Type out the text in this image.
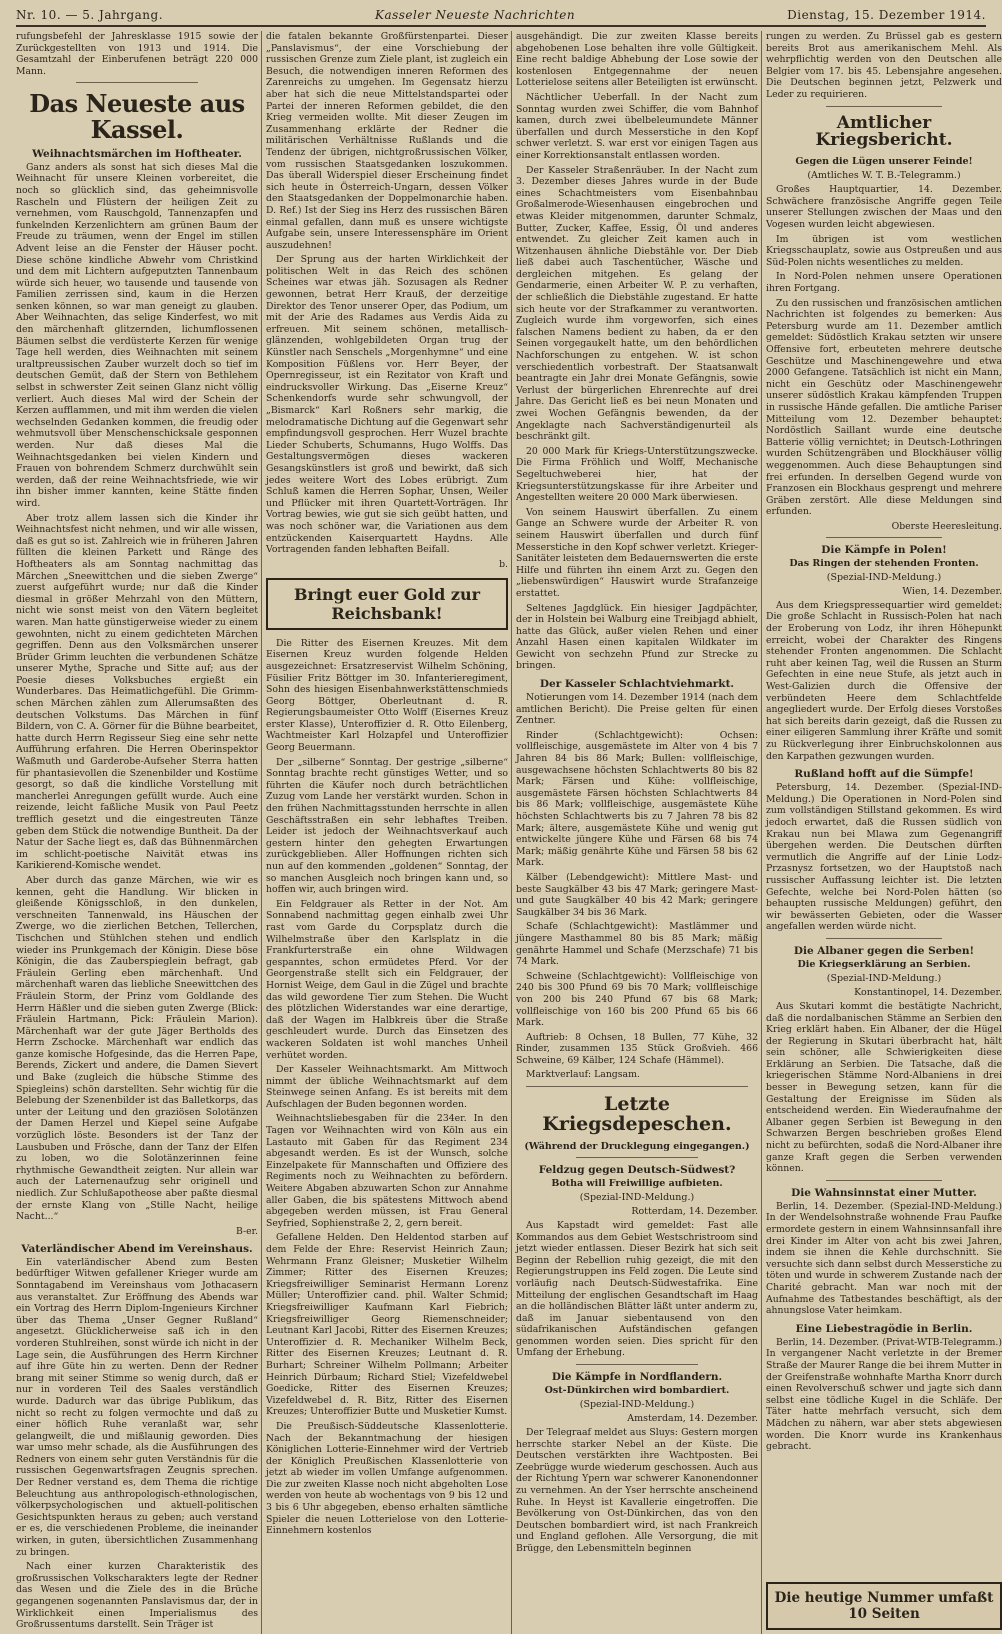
Nr. 10. — 5. Jahrgang.	Kasseler Neueste Nachrichten	Dienstag, 15. Dezember 1914.

rufungsbefehl der Jahresklasse 1915 sowie der Zurückgestellten von 1913 und 1914. Die Gesamtzahl der Einberufenen beträgt 220 000 Mann.

Das Neueste aus Kassel.
Weihnachtsmärchen im Hoftheater.

Ganz anders als sonst hat sich dieses Mal die Weihnacht für unsere Kleinen vorbereitet, die noch so glücklich sind, das geheimnisvolle Rascheln und Flüstern der heiligen Zeit zu vernehmen, vom Rauschgold, Tannenzapfen und funkelnden Kerzenlichtern am grünen Baum der Freude zu träumen, wenn der Engel im stillen Advent leise an die Fenster der Häuser pocht. Diese schöne kindliche Abwehr vom Christkind und dem mit Lichtern aufgeputzten Tannenbaum würde sich heuer, wo tausende und tausende von Familien zerrissen sind, kaum in die Herzen senken können, so war man geneigt zu glauben. Aber Weihnachten, das selige Kinderfest, wo mit den märchenhaft glitzernden, lichumflossenen Bäumen selbst die verdüsterte Kerzen für wenige Tage hell werden, dies Weihnachten mit seinem uraltpreussischen Zauber wurzelt doch so tief im deutschen Gemüt, daß der Stern von Bethlehem selbst in schwerster Zeit seinen Glanz nicht völlig verliert. Auch dieses Mal wird der Schein der Kerzen aufflammen, und mit ihm werden die vielen wechselnden Gedanken kommen, die freudig oder wehmutsvoll über Menschenschicksale gesponnen werden. Nur daß dieses Mal die Weihnachtsgedanken bei vielen Kindern und Frauen von bohrendem Schmerz durchwühlt sein werden, daß der reine Weihnachtsfriede, wie wir ihn bisher immer kannten, keine Stätte finden wird.

Aber trotz allem lassen sich die Kinder ihr Weihnachtsfest nicht nehmen, und wir alle wissen, daß es gut so ist. Zahlreich wie in früheren Jahren füllten die kleinen Parkett und Ränge des Hoftheaters als am Sonntag nachmittag das Märchen „Sneewittchen und die sieben Zwerge“ zuerst aufgeführt wurde; nur daß die Kinder diesmal in größer Mehrzahl von den Müttern, nicht wie sonst meist von den Vätern begleitet waren. Man hatte günstigerweise wieder zu einem gewohnten, nicht zu einem gedichteten Märchen gegriffen. Denn aus den Volksmärchen unserer Brüder Grimm leuchten die verbundenen Schätze unserer Mythe, Sprache und Sitte auf; aus der Poesie dieses Volksbuches ergießt ein Wunderbares. Das Heimatlichgefühl. Die Grimmschen Märchen zählen zum Allerumsaßten des deutschen Volkstums. Das Märchen in fünf Bildern, von C. A. Görner für die Bühne bearbeitet, hatte durch Herrn Regisseur Sieg eine sehr nette Aufführung erfahren. Die Herren Oberinspektor Waßmuth und Garderobe-Aufseher Sterra hatten für phantasievollen die Szenenbilder und Kostüme gesorgt, so daß die kindliche Vorstellung mit mancherlei Anregungen gefüllt wurde. Auch eine reizende, leicht faßliche Musik von Paul Peetz trefflich gesetzt und die eingestreuten Tänze geben dem Stück die notwendige Buntheit. Da der Natur der Sache liegt es, daß das Bühnenmärchen im schlicht-poetische Naivität etwas ins Karikierend-Komische wendet.

Aber durch das ganze Märchen, wie wir es kennen, geht die Handlung. Wir blicken in gleißende Königsschloß, in den dunkelen, verschneiten Tannenwald, ins Häuschen der Zwerge, wo die zierlichen Betchen, Tellerchen, Tischchen und Stühlchen stehen und endlich wieder ins Prunkgemach der Königin. Diese böse Königin, die das Zauberspieglein befragt, gab Fräulein Gerling eben märchenhaft. Und märchenhaft waren das liebliche Sneewittchen des Fräulein Storm, der Prinz vom Goldlande des Herrn Häßler und die sieben guten Zwerge (Blick: Fräulein Hartmann, Pick: Fräulein Marion). Märchenhaft war der gute Jäger Bertholds des Herrn Zschocke. Märchenhaft war endlich das ganze komische Hofgesinde, das die Herren Pape, Berends, Zickert und andere, die Damen Sievert und Bake (zugleich die hübsche Stimme des Spiegleins) schön darstellten. Sehr wichtig für die Belebung der Szenenbilder ist das Balletkorps, das unter der Leitung und den graziösen Solotänzen der Damen Herzel und Kiepel seine Aufgabe vorzüglich löste. Besonders ist der Tanz der Lausbuben und Frösche, dann der Tanz der Elfen zu loben, wo die Solotänzerinnen feine rhythmische Gewandtheit zeigten. Nur allein war auch der Laternenaufzug sehr originell und niedlich. Zur Schlußapotheose aber paßte diesmal der ernste Klang von „Stille Nacht, heilige Nacht...“

B-er.
Vaterländischer Abend im Vereinshaus.

Ein vaterländischer Abend zum Besten bedürftiger Witwen gefallener Krieger wurde am Sonntagabend im Vereinshaus vom Jothacasern aus veranstaltet. Zur Eröffnung des Abends war ein Vortrag des Herrn Diplom-Ingenieurs Kirchner über das Thema „Unser Gegner Rußland“ angesetzt. Glücklicherweise saß ich in den vorderen Stuhlreihen, sonst würde ich nicht in der Lage sein, die Ausführungen des Herrn Kirchner auf ihre Güte hin zu werten. Denn der Redner brang mit seiner Stimme so wenig durch, daß er nur in vorderen Teil des Saales verständlich wurde. Dadurch war das übrige Publikum, das nicht so recht zu folgen vermochte und daß zu einer höflich Ruhe veranlaßt war, sehr gelangweilt, die und mißlaunig geworden. Dies war umso mehr schade, als die Ausführungen des Redners von einem sehr guten Verständnis für die russischen Gegenwartsfragen Zeugnis sprechen. Der Redner verstand es, dem Thema die richtige Beleuchtung aus anthropologisch-ethnologischen, völkerpsychologischen und aktuell-politischen Gesichtspunkten heraus zu geben; auch verstand er es, die verschiedenen Probleme, die ineinander wirken, in guten, übersichtlichen Zusammenhang zu bringen.

Nach einer kurzen Charakteristik des großrussischen Volkscharakters legte der Redner das Wesen und die Ziele des in die Brüche gegangenen sogenannten Panslavismus dar, der in Wirklichkeit einen Imperialismus des Großrussentums darstellt. Sein Träger ist

die fatalen bekannte Großfürstenpartei. Dieser „Panslavismus“, der eine Vorschiebung der russischen Grenze zum Ziele plant, ist zugleich ein Besuch, die notwendigen inneren Reformen des Zarenreichs zu umgehen. Im Gegensatz hierzu aber hat sich die neue Mittelstandspartei oder Partei der inneren Reformen gebildet, die den Krieg vermeiden wollte. Mit dieser Zeugen im Zusammenhang erklärte der Redner die militärischen Verhältnisse Rußlands und die Tendenz der übrigen, nichtgroßrussischen Völker, vom russischen Staatsgedanken loszukommen. Das überall Widerspiel dieser Erscheinung findet sich heute in Österreich-Ungarn, dessen Völker den Staatsgedanken der Doppelmonarchie haben. D. Ref.) Ist der Sieg ins Herz des russischen Bären einmal gefallen, dann muß es unsere wichtigste Aufgabe sein, unsere Interessensphäre im Orient auszudehnen!

Der Sprung aus der harten Wirklichkeit der politischen Welt in das Reich des schönen Scheines war etwas jäh. Sozusagen als Redner gewonnen, betrat Herr Krauß, der derzeitige Direktor des Tenor unserer Oper, das Podium, um mit der Arie des Radames aus Verdis Aida zu erfreuen. Mit seinem schönen, metallisch-glänzenden, wohlgebildeten Organ trug der Künstler nach Senschels „Morgenhymne“ und eine Komposition Füßlens vor. Herr Beyer, der Opernregisseur, ist ein Rezitator von Kraft und eindrucksvoller Wirkung. Das „Eiserne Kreuz“ Schenkendorfs wurde sehr schwungvoll, der „Bismarck“ Karl Roßners sehr markig, die melodramatische Dichtung auf die Gegenwart sehr empfindungsvoll gesprochen. Herr Wuzel brachte Lieder Schuberts, Schumanns, Hugo Wolffs. Das Gestaltungsvermögen dieses wackeren Gesangskünstlers ist groß und bewirkt, daß sich jedes weitere Wort des Lobes erübrigt. Zum Schluß kamen die Herren Sophar, Unsen, Weiler und Pflücker mit ihren Quartett-Vorträgen. Ihr Vortrag bewies, wie gut sie sich geübt hatten, und was noch schöner war, die Variationen aus dem entzückenden Kaiserquartett Haydns. Alle Vortragenden fanden lebhaften Beifall.

b.
Bringt euer Gold zur Reichsbank!

Die Ritter des Eisernen Kreuzes. Mit dem Eisernen Kreuz wurden folgende Helden ausgezeichnet: Ersatzreservist Wilhelm Schöning, Füsilier Fritz Böttger im 30. Infanterieregiment, Sohn des hiesigen Eisenbahnwerkstättenschmieds Georg Böttger, Oberleutnant d. R. Regierungsbaumeister Otto Wolff (Eisernes Kreuz erster Klasse), Unteroffizier d. R. Otto Eilenberg, Wachtmeister Karl Holzapfel und Unteroffizier Georg Beuermann.

Der „silberne“ Sonntag. Der gestrige „silberne“ Sonntag brachte recht günstiges Wetter, und so führten die Käufer noch durch beträchtlichen Zuzug vom Lande her verstärkt wurden. Schon in den frühen Nachmittagsstunden herrschte in allen Geschäftsstraßen ein sehr lebhaftes Treiben. Leider ist jedoch der Weihnachtsverkauf auch gestern hinter den gehegten Erwartungen zurückgeblieben. Aller Hoffnungen richten sich nun auf den kommenden „goldenen“ Sonntag, der so manchen Ausgleich noch bringen kann und, so hoffen wir, auch bringen wird.

Ein Feldgrauer als Retter in der Not. Am Sonnabend nachmittag gegen einhalb zwei Uhr rast vom Garde du Corpsplatz durch die Wilhelmstraße über den Karlsplatz in die Frankfurterstraße ein ohne Wildwagen gespanntes, schon ermüdetes Pferd. Vor der Georgenstraße stellt sich ein Feldgrauer, der Hornist Weige, dem Gaul in die Zügel und brachte das wild gewordene Tier zum Stehen. Die Wucht des plötzlichen Widerstandes war eine derartige, daß der Wagen im Halbkreis über die Straße geschleudert wurde. Durch das Einsetzen des wackeren Soldaten ist wohl manches Unheil verhütet worden.

Der Kasseler Weihnachtsmarkt. Am Mittwoch nimmt der übliche Weihnachtsmarkt auf dem Steinwege seinen Anfang. Es ist bereits mit dem Aufschlagen der Buden begonnen worden.

Weihnachtsliebesgaben für die 234er. In den Tagen vor Weihnachten wird von Köln aus ein Lastauto mit Gaben für das Regiment 234 abgesandt werden. Es ist der Wunsch, solche Einzelpakete für Mannschaften und Offiziere des Regiments noch zu Weihnachten zu befördern. Weitere Abgaben abzuwarten Schon zur Annahme aller Gaben, die bis spätestens Mittwoch abend abgegeben werden müssen, ist Frau General Seyfried, Sophienstraße 2, 2, gern bereit.

Gefallene Helden. Den Heldentod starben auf dem Felde der Ehre: Reservist Heinrich Zaun; Wehrmann Franz Gleisner; Musketier Wilhelm Zimmer; Ritter des Eisernen Kreuzes; Kriegsfreiwilliger Seminarist Hermann Lorenz Müller; Unteroffizier cand. phil. Walter Schmid; Kriegsfreiwilliger Kaufmann Karl Fiebrich; Kriegsfreiwilliger Georg Riemenschneider; Leutnant Karl Jacobi, Ritter des Eisernen Kreuzes; Unteroffizier d. R. Mechaniker Wilhelm Beck, Ritter des Eisernen Kreuzes; Leutnant d. R. Burhart; Schreiner Wilhelm Pollmann; Arbeiter Heinrich Dürbaum; Richard Stiel; Vizefeldwebel Goedicke, Ritter des Eisernen Kreuzes; Vizefeldwebel d. R. Bitz, Ritter des Eisernen Kreuzes; Unteroffizier Butte und Musketier Kumst.

Die Preußisch-Süddeutsche Klassenlotterie. Nach der Bekanntmachung der hiesigen Königlichen Lotterie-Einnehmer wird der Vertrieb der Königlich Preußischen Klassenlotterie von jetzt ab wieder im vollen Umfange aufgenommen. Die zur zweiten Klasse noch nicht abgeholten Lose werden von heute ab wochentags von 9 bis 12 und 3 bis 6 Uhr abgegeben, ebenso erhalten sämtliche Spieler die neuen Lotterielose von den Lotterie-Einnehmern kostenlos

ausgehändigt. Die zur zweiten Klasse bereits abgehobenen Lose behalten ihre volle Gültigkeit. Eine recht baldige Abhebung der Lose sowie der kostenlosen Entgegennahme der neuen Lotterielose seitens aller Beteiligten ist erwünscht.

Nächtlicher Ueberfall. In der Nacht zum Sonntag wurden zwei Schiffer, die vom Bahnhof kamen, durch zwei übelbeleumundete Männer überfallen und durch Messerstiche in den Kopf schwer verletzt. S. war erst vor einigen Tagen aus einer Korrektionsanstalt entlassen worden.

Der Kasseler Straßenräuber. In der Nacht zum 3. Dezember dieses Jahres wurde in der Bude eines Schachtmeisters vom Eisenbahnbau Großalmerode-Wiesenhausen eingebrochen und etwas Kleider mitgenommen, darunter Schmalz, Butter, Zucker, Kaffee, Essig, Öl und anderes entwendet. Zu gleicher Zeit kamen auch in Witzenhausen ähnliche Diebstähle vor. Der Dieb ließ dabei auch Taschentücher, Wäsche und dergleichen mitgehen. Es gelang der Gendarmerie, einen Arbeiter W. P. zu verhaften, der schließlich die Diebstähle zugestand. Er hatte sich heute vor der Strafkammer zu verantworten. Zugleich wurde ihm vorgeworfen, sich eines falschen Namens bedient zu haben, da er den Seinen vorgegaukelt hatte, um den behördlichen Nachforschungen zu entgehen. W. ist schon verschiedentlich vorbestraft. Der Staatsanwalt beantragte ein Jahr drei Monate Gefängnis, sowie Verlust der bürgerlichen Ehrenrechte auf drei Jahre. Das Gericht ließ es bei neun Monaten und zwei Wochen Gefängnis bewenden, da der Angeklagte nach Sachverständigenurteil als beschränkt gilt.

20 000 Mark für Kriegs-Unterstützungszwecke. Die Firma Fröhlich und Wolff, Mechanische Segeltuchweberei hier, hat der Kriegsunterstützungskasse für ihre Arbeiter und Angestellten weitere 20 000 Mark überwiesen.

Von seinem Hauswirt überfallen. Zu einem Gange an Schwere wurde der Arbeiter R. von seinem Hauswirt überfallen und durch fünf Messerstiche in den Kopf schwer verletzt. Krieger-Sanitäter leisteten dem Bedauernswerten die erste Hilfe und führten ihn einem Arzt zu. Gegen den „liebenswürdigen“ Hauswirt wurde Strafanzeige erstattet.

Seltenes Jagdglück. Ein hiesiger Jagdpächter, der in Holstein bei Walburg eine Treibjagd abhielt, hatte das Glück, außer vielen Rehen und einer Anzahl Hasen einen kapitalen Wildkater im Gewicht von sechzehn Pfund zur Strecke zu bringen.

Der Kasseler Schlachtviehmarkt.

Notierungen vom 14. Dezember 1914 (nach dem amtlichen Bericht). Die Preise gelten für einen Zentner.

Rinder (Schlachtgewicht): Ochsen: vollfleischige, ausgemästete im Alter von 4 bis 7 Jahren 84 bis 86 Mark; Bullen: vollfleischige, ausgewachsene höchsten Schlachtwerts 80 bis 82 Mark; Färsen und Kühe: vollfleischige, ausgemästete Färsen höchsten Schlachtwerts 84 bis 86 Mark; vollfleischige, ausgemästete Kühe höchsten Schlachtwerts bis zu 7 Jahren 78 bis 82 Mark; ältere, ausgemästete Kühe und wenig gut entwickelte jüngere Kühe und Färsen 68 bis 74 Mark; mäßig genährte Kühe und Färsen 58 bis 62 Mark.

Kälber (Lebendgewicht): Mittlere Mast- und beste Saugkälber 43 bis 47 Mark; geringere Mast- und gute Saugkälber 40 bis 42 Mark; geringere Saugkälber 34 bis 36 Mark.

Schafe (Schlachtgewicht): Mastlämmer und jüngere Masthammel 80 bis 85 Mark; mäßig genährte Hammel und Schafe (Merzschafe) 71 bis 74 Mark.

Schweine (Schlachtgewicht): Vollfleischige von 240 bis 300 Pfund 69 bis 70 Mark; vollfleischige von 200 bis 240 Pfund 67 bis 68 Mark; vollfleischige von 160 bis 200 Pfund 65 bis 66 Mark.

Auftrieb: 8 Ochsen, 18 Bullen, 77 Kühe, 32 Rinder, zusammen 135 Stück Großvieh. 466 Schweine, 69 Kälber, 124 Schafe (Hämmel).

Marktverlauf: Langsam.

Letzte Kriegsdepeschen.
(Während der Drucklegung eingegangen.)
Feldzug gegen Deutsch-Südwest?
Botha will Freiwillige aufbieten.
(Spezial-IND-Meldung.)
Rotterdam, 14. Dezember.

Aus Kapstadt wird gemeldet: Fast alle Kommandos aus dem Gebiet Westschristroom sind jetzt wieder entlassen. Dieser Bezirk hat sich seit Beginn der Rebellion ruhig gezeigt, die mit den Regierungstruppen ins Feld zogen. Die Leute sind vorläufig nach Deutsch-Südwestafrika. Eine Mitteilung der englischen Gesandtschaft im Haag an die holländischen Blätter läßt unter anderm zu, daß im Januar siebentausend von den südafrikanischen Aufständischen gefangen genommen worden seien. Dies spricht für den Umfang der Erhebung.

Die Kämpfe in Nordflandern.
Ost-Dünkirchen wird bombardiert.
(Spezial-IND-Meldung.)
Amsterdam, 14. Dezember.

Der Telegraaf meldet aus Sluys: Gestern morgen herrschte starker Nebel an der Küste. Die Deutschen verstärkten ihre Wachtposten. Bei Zeebrügge wurde wiederum geschossen. Auch aus der Richtung Ypern war schwerer Kanonendonner zu vernehmen. An der Yser herrschte anscheinend Ruhe. In Heyst ist Kavallerie eingetroffen. Die Bevölkerung von Ost-Dünkirchen, das von den Deutschen bombardiert wird, ist nach Frankreich und England geflohen. Alle Versorgung, die mit Brügge, den Lebensmitteln beginnen

rungen zu werden. Zu Brüssel gab es gestern bereits Brot aus amerikanischem Mehl. Als wehrpflichtig werden von den Deutschen alle Belgier vom 17. bis 45. Lebensjahre angesehen. Die Deutschen beginnen jetzt, Pelzwerk und Leder zu requirieren.

Amtlicher Kriegsbericht.
Gegen die Lügen unserer Feinde!
(Amtliches W. T. B.-Telegramm.)

Großes Hauptquartier, 14. Dezember. Schwächere französische Angriffe gegen Teile unserer Stellungen zwischen der Maas und den Vogesen wurden leicht abgewiesen.

Im übrigen ist vom westlichen Kriegsschauplatz, sowie aus Ostpreußen und aus Süd-Polen nichts wesentliches zu melden.

In Nord-Polen nehmen unsere Operationen ihren Fortgang.

Zu den russischen und französischen amtlichen Nachrichten ist folgendes zu bemerken: Aus Petersburg wurde am 11. Dezember amtlich gemeldet: Südöstlich Krakau setzten wir unsere Offensive fort, erbeuteten mehrere deutsche Geschütze und Maschinengewehre und etwa 2000 Gefangene. Tatsächlich ist nicht ein Mann, nicht ein Geschütz oder Maschinengewehr unserer südöstlich Krakau kämpfenden Truppen in russische Hände gefallen. Die amtliche Pariser Mitteilung vom 12. Dezember behauptet: Nordöstlich Saillant wurde eine deutsche Batterie völlig vernichtet; in Deutsch-Lothringen wurden Schützengräben und Blockhäuser völlig weggenommen. Auch diese Behauptungen sind frei erfunden. In derselben Gegend wurde von Franzosen ein Blockhaus gesprengt und mehrere Gräben zerstört. Alle diese Meldungen sind erfunden.

Oberste Heeresleitung.
Die Kämpfe in Polen!
Das Ringen der stehenden Fronten.
(Spezial-IND-Meldung.)
Wien, 14. Dezember.

Aus dem Kriegspressequartier wird gemeldet: Die große Schlacht in Russisch-Polen hat nach der Eroberung von Lodz, ihr ihren Höhepunkt erreicht, wobei der Charakter des Ringens stehender Fronten angenommen. Die Schlacht ruht aber keinen Tag, weil die Russen an Sturm Gefechten in eine neue Stufe, als jetzt auch in West-Galizien durch die Offensive der verbündeten Heere dem Schlachtfelde angegliedert wurde. Der Erfolg dieses Vorstoßes hat sich bereits darin gezeigt, daß die Russen zu einer eiligeren Sammlung ihrer Kräfte und somit zu Rückverlegung ihrer Einbruchskolonnen aus den Karpathen gezwungen wurden.

Rußland hofft auf die Sümpfe!

Petersburg, 14. Dezember. (Spezial-IND-Meldung.) Die Operationen in Nord-Polen sind zum vollständigen Stillstand gekommen. Es wird jedoch erwartet, daß die Russen südlich von Krakau nun bei Mlawa zum Gegenangriff übergehen werden. Die Deutschen dürften vermutlich die Angriffe auf der Linie Lodz-Przasnysz fortsetzen, wo der Hauptstoß nach russischer Auffassung leichter ist. Die letzten Gefechte, welche bei Nord-Polen hätten (so behaupten russische Meldungen) geführt, den wir bewässerten Gebieten, oder die Wasser angefallen werden würde nicht.

Die Albaner gegen die Serben!
Die Kriegserklärung an Serbien.
(Spezial-IND-Meldung.)
Konstantinopel, 14. Dezember.

Aus Skutari kommt die bestätigte Nachricht, daß die nordalbanischen Stämme an Serbien den Krieg erklärt haben. Ein Albaner, der die Hügel der Regierung in Skutari überbracht hat, hält sein schöner, alle Schwierigkeiten diese Erklärung an Serbien. Die Tatsache, daß die kriegerischen Stämme Nord-Albaniens in drei besser in Bewegung setzen, kann für die Gestaltung der Ereignisse im Süden als entscheidend werden. Ein Wiederaufnahme der Albaner gegen Serbien ist Bewegung in den Schwarzen Bergen beschrieben großes Elend nicht zu befürchten, sodaß die Nord-Albaner ihre ganze Kraft gegen die Serben verwenden können.

Die Wahnsinnstat einer Mutter.

Berlin, 14. Dezember. (Spezial-IND-Meldung.) In der Wendelsohnstraße wohnende Frau Paufke ermordete gestern in einem Wahnsinnsanfall ihre drei Kinder im Alter von acht bis zwei Jahren, indem sie ihnen die Kehle durchschnitt. Sie versuchte sich dann selbst durch Messerstiche zu töten und wurde in schwerem Zustande nach der Charité gebracht. Man war noch mit der Aufnahme des Tatbestandes beschäftigt, als der ahnungslose Vater heimkam.

Eine Liebestragödie in Berlin.

Berlin, 14. Dezember. (Privat-WTB-Telegramm.) In vergangener Nacht verletzte in der Bremer Straße der Maurer Range die bei ihrem Mutter in der Greifenstraße wohnhafte Martha Knorr durch einen Revolverschuß schwer und jagte sich dann selbst eine tödliche Kugel in die Schläfe. Der Täter hatte mehrfach versucht, sich dem Mädchen zu nähern, war aber stets abgewiesen worden. Die Knorr wurde ins Krankenhaus gebracht.

Die heutige Nummer umfaßt 10 Seiten
